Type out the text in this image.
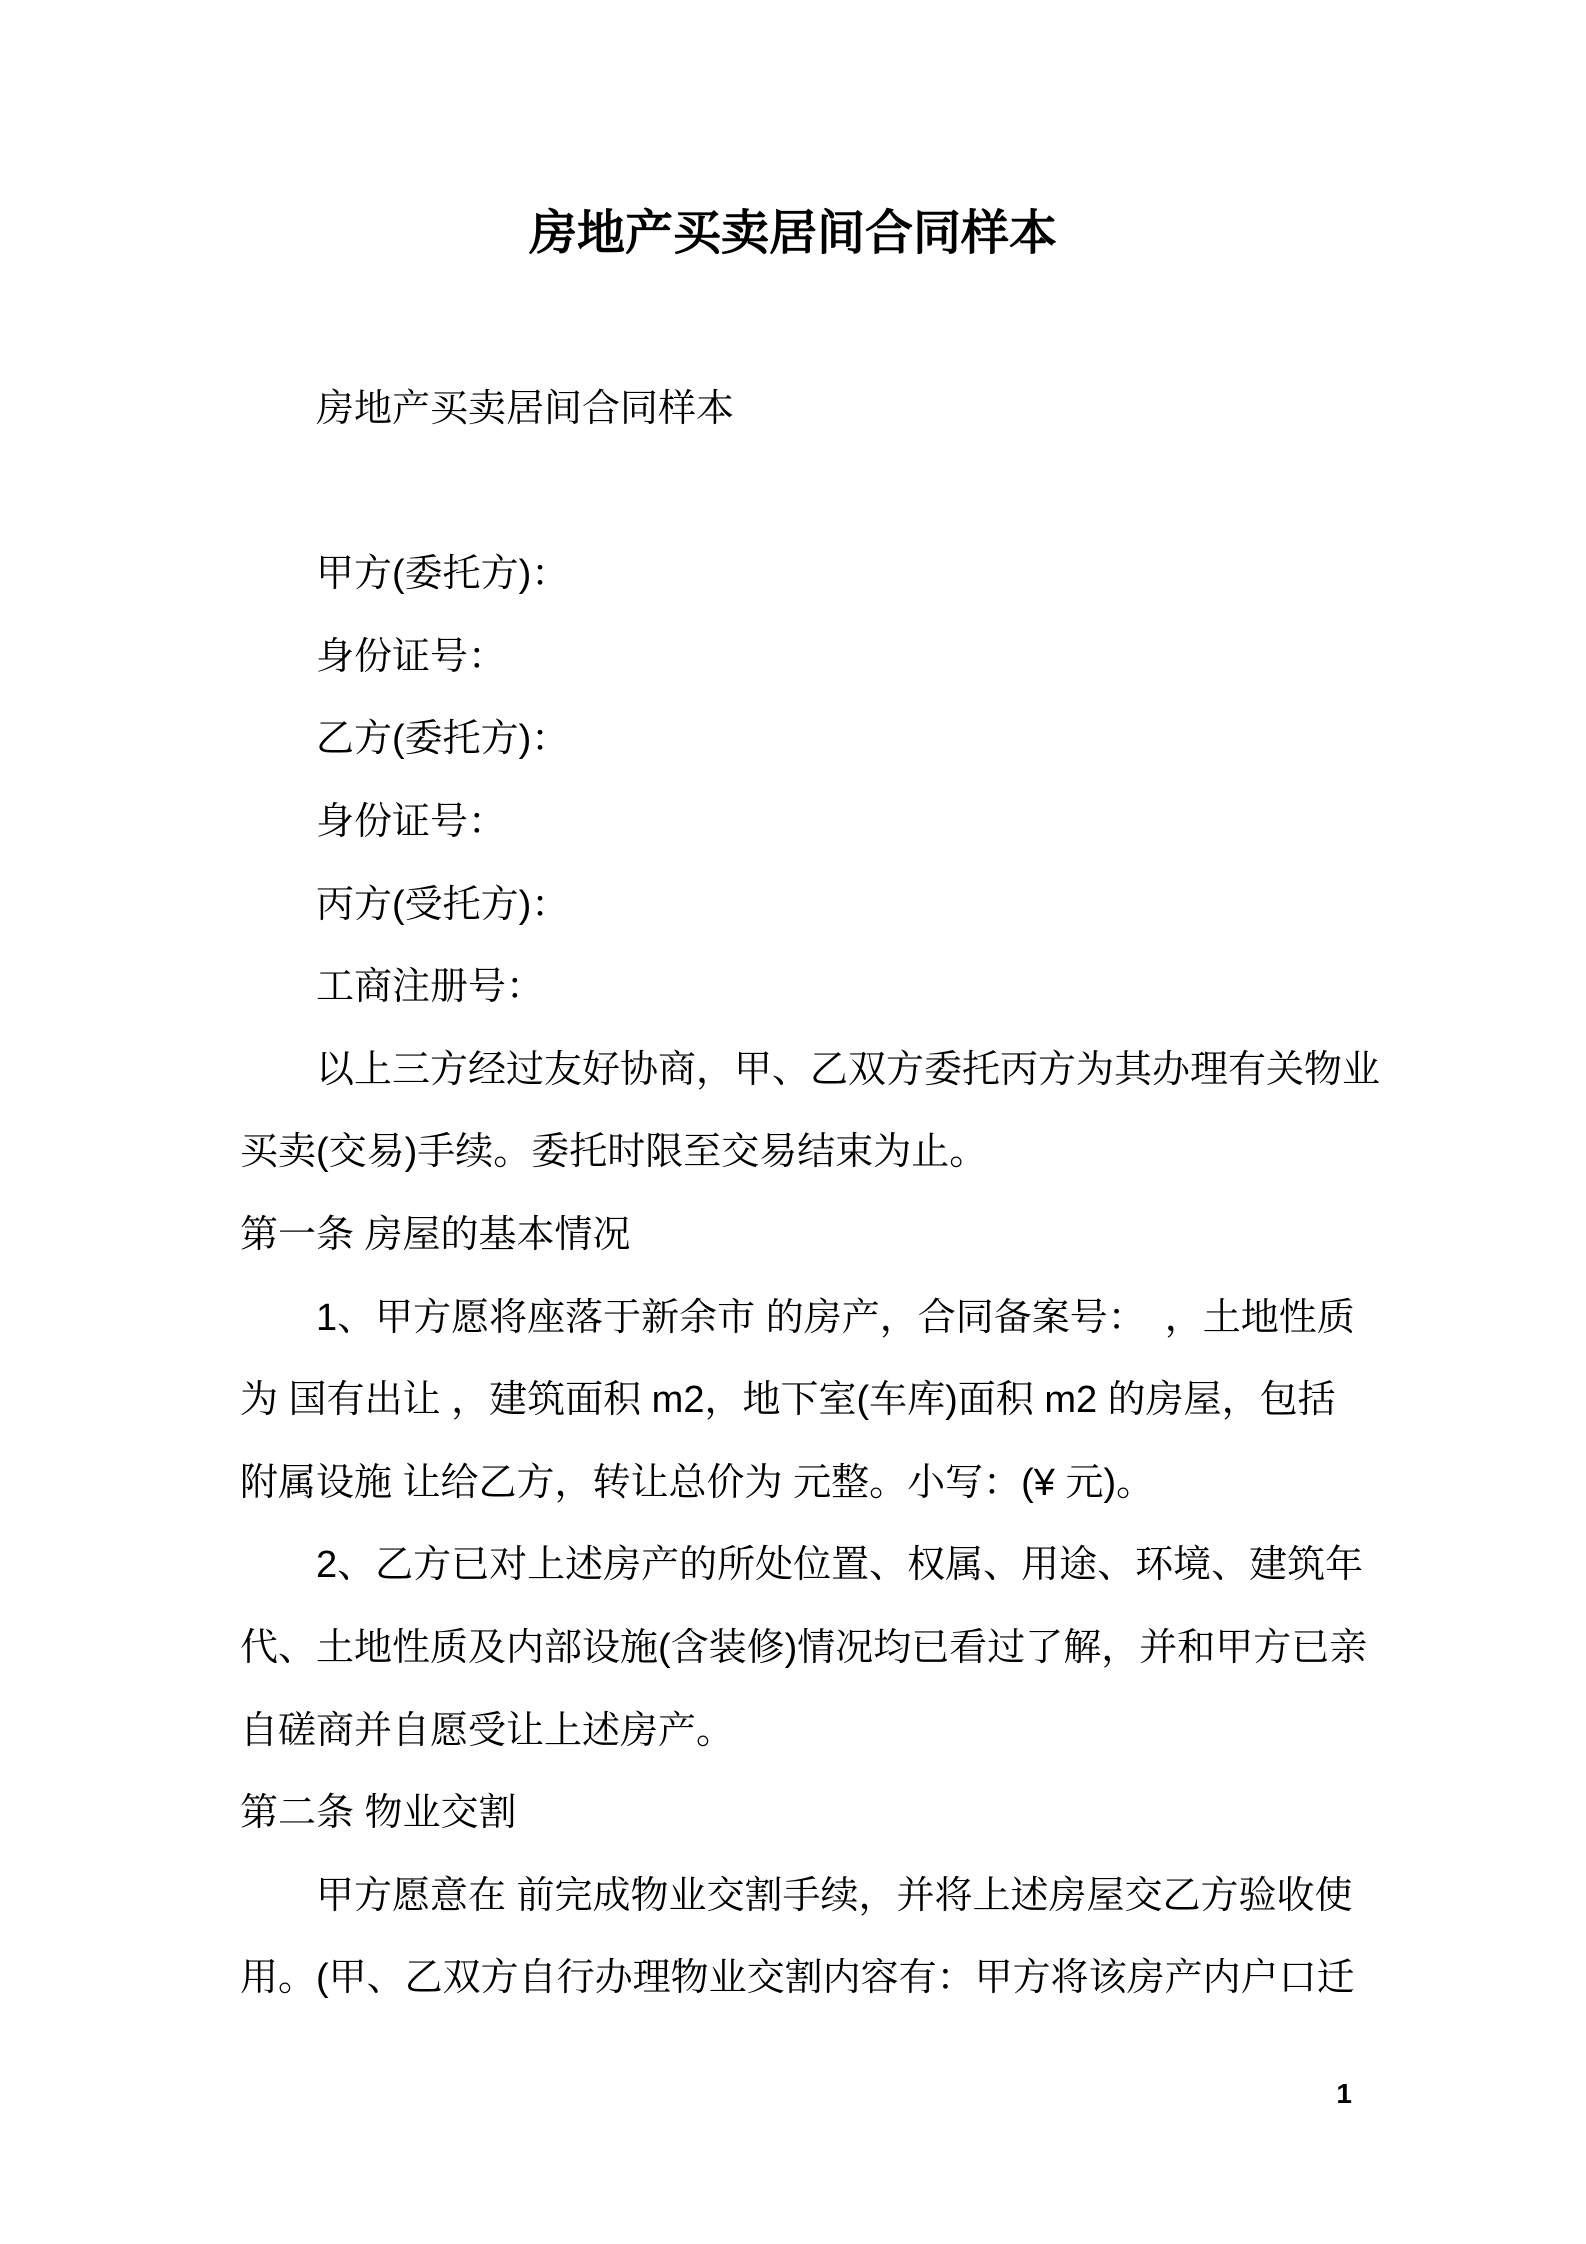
房地产买卖居间合同样本
房地产买卖居间合同样本
甲方(委托方)：
身份证号：
乙方(委托方)：
身份证号：
丙方(受托方)：
工商注册号：
以上三方经过友好协商，甲、乙双方委托丙方为其办理有关物业
买卖(交易)手续。委托时限至交易结束为止。
第一条 房屋的基本情况
1、甲方愿将座落于新余市 的房产，合同备案号：　，土地性质
为 国有出让 ，建筑面积 m2，地下室(车库)面积 m2 的房屋，包括
附属设施 让给乙方，转让总价为 元整。小写：(¥ 元)。
2、乙方已对上述房产的所处位置、权属、用途、环境、建筑年
代、土地性质及内部设施(含装修)情况均已看过了解，并和甲方已亲
自磋商并自愿受让上述房产。
第二条 物业交割
甲方愿意在 前完成物业交割手续，并将上述房屋交乙方验收使
用。(甲、乙双方自行办理物业交割内容有：甲方将该房产内户口迁
1
